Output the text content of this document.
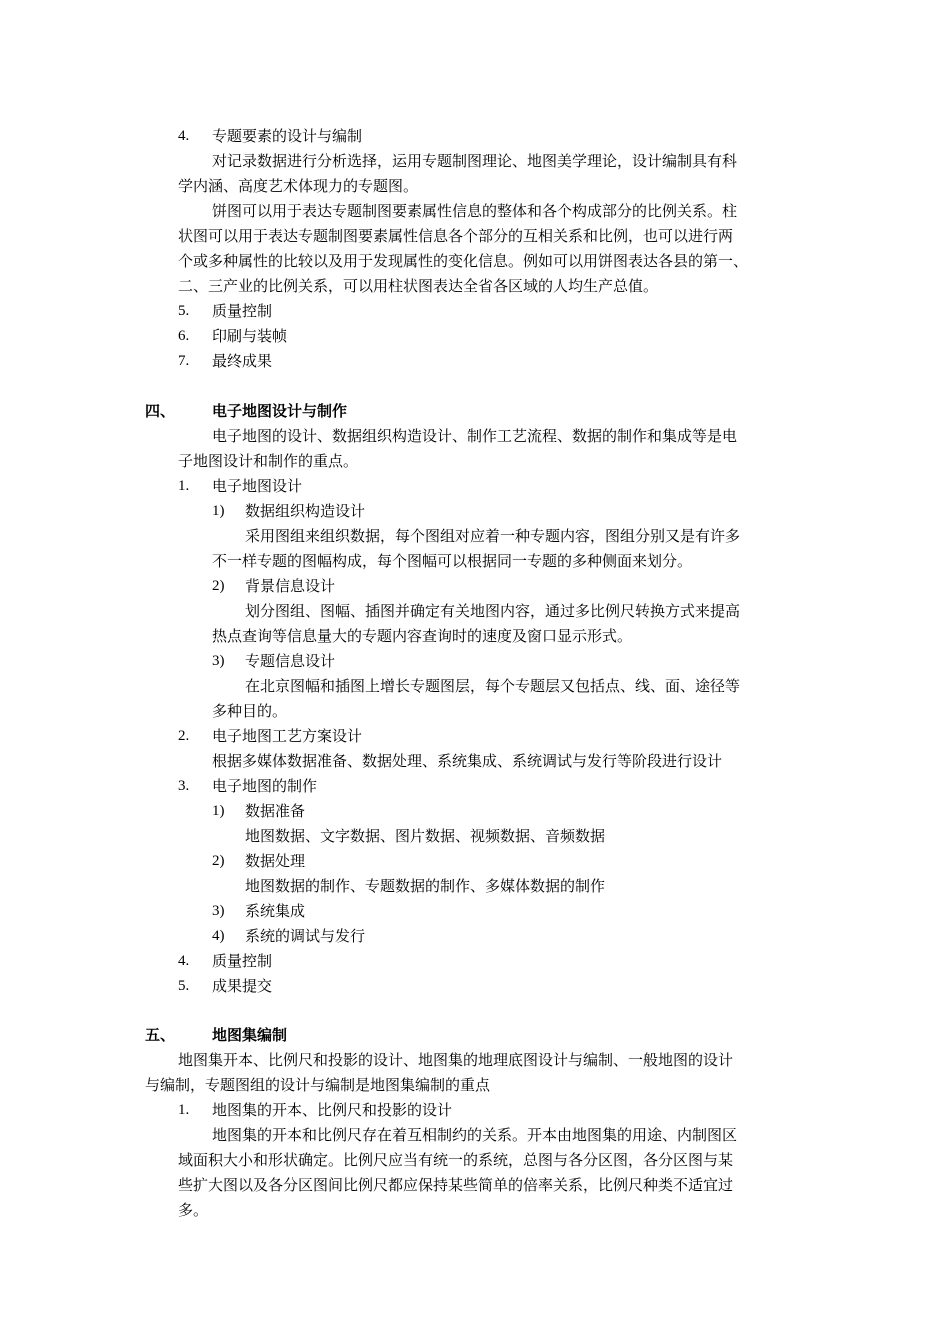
4. 专题要素的设计与编制
对记录数据进行分析选择，运用专题制图理论、地图美学理论，设计编制具有科
学内涵、高度艺术体现力的专题图。
饼图可以用于表达专题制图要素属性信息的整体和各个构成部分的比例关系。柱
状图可以用于表达专题制图要素属性信息各个部分的互相关系和比例，也可以进行两
个或多种属性的比较以及用于发现属性的变化信息。例如可以用饼图表达各县的第一、
二、三产业的比例关系，可以用柱状图表达全省各区域的人均生产总值。
5. 质量控制
6. 印刷与装帧
7. 最终成果
四、 电子地图设计与制作
电子地图的设计、数据组织构造设计、制作工艺流程、数据的制作和集成等是电
子地图设计和制作的重点。
1. 电子地图设计
1) 数据组织构造设计
采用图组来组织数据，每个图组对应着一种专题内容，图组分别又是有许多
不一样专题的图幅构成，每个图幅可以根据同一专题的多种侧面来划分。
2) 背景信息设计
划分图组、图幅、插图并确定有关地图内容，通过多比例尺转换方式来提高
热点查询等信息量大的专题内容查询时的速度及窗口显示形式。
3) 专题信息设计
在北京图幅和插图上增长专题图层，每个专题层又包括点、线、面、途径等
多种目的。
2. 电子地图工艺方案设计
根据多媒体数据准备、数据处理、系统集成、系统调试与发行等阶段进行设计
3. 电子地图的制作
1) 数据准备
地图数据、文字数据、图片数据、视频数据、音频数据
2) 数据处理
地图数据的制作、专题数据的制作、多媒体数据的制作
3) 系统集成
4) 系统的调试与发行
4. 质量控制
5. 成果提交
五、 地图集编制
地图集开本、比例尺和投影的设计、地图集的地理底图设计与编制、一般地图的设计
与编制，专题图组的设计与编制是地图集编制的重点
1. 地图集的开本、比例尺和投影的设计
地图集的开本和比例尺存在着互相制约的关系。开本由地图集的用途、内制图区
域面积大小和形状确定。比例尺应当有统一的系统，总图与各分区图，各分区图与某
些扩大图以及各分区图间比例尺都应保持某些简单的倍率关系，比例尺种类不适宜过
多。
